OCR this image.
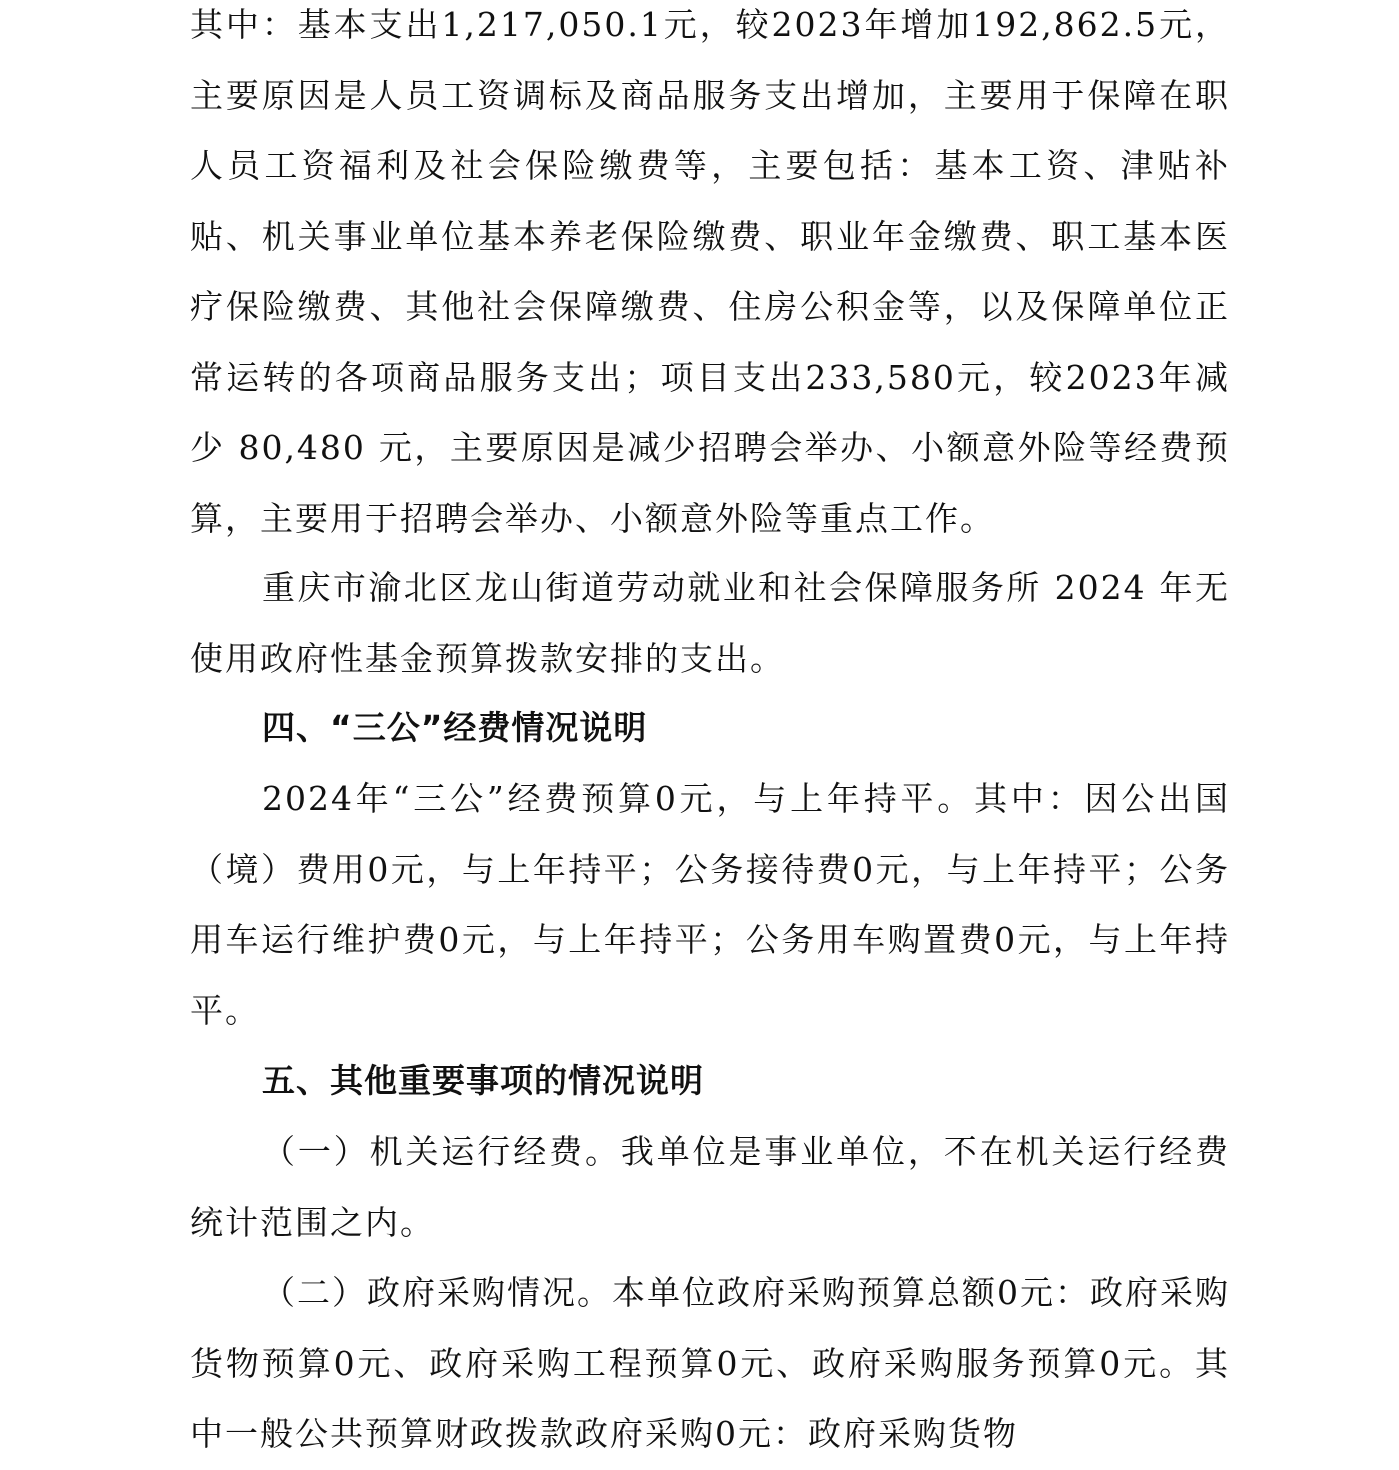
其中：基本支出1,217,050.1元，较2023年增加192,862.5元，主要原因是人员工资调标及商品服务支出增加，主要用于保障在职人员工资福利及社会保险缴费等，主要包括：基本工资、津贴补贴、机关事业单位基本养老保险缴费、职业年金缴费、职工基本医疗保险缴费、其他社会保障缴费、住房公积金等，以及保障单位正常运转的各项商品服务支出；项目支出233,580元，较2023年减少 80,480 元，主要原因是减少招聘会举办、小额意外险等经费预算，主要用于招聘会举办、小额意外险等重点工作。

重庆市渝北区龙山街道劳动就业和社会保障服务所 2024 年无使用政府性基金预算拨款安排的支出。

四、“三公”经费情况说明

2024年“三公”经费预算0元，与上年持平。其中：因公出国（境）费用0元，与上年持平；公务接待费0元，与上年持平；公务用车运行维护费0元，与上年持平；公务用车购置费0元，与上年持平。

五、其他重要事项的情况说明

（一）机关运行经费。我单位是事业单位，不在机关运行经费统计范围之内。

（二）政府采购情况。本单位政府采购预算总额0元：政府采购货物预算0元、政府采购工程预算0元、政府采购服务预算0元。其中一般公共预算财政拨款政府采购0元：政府采购货物
